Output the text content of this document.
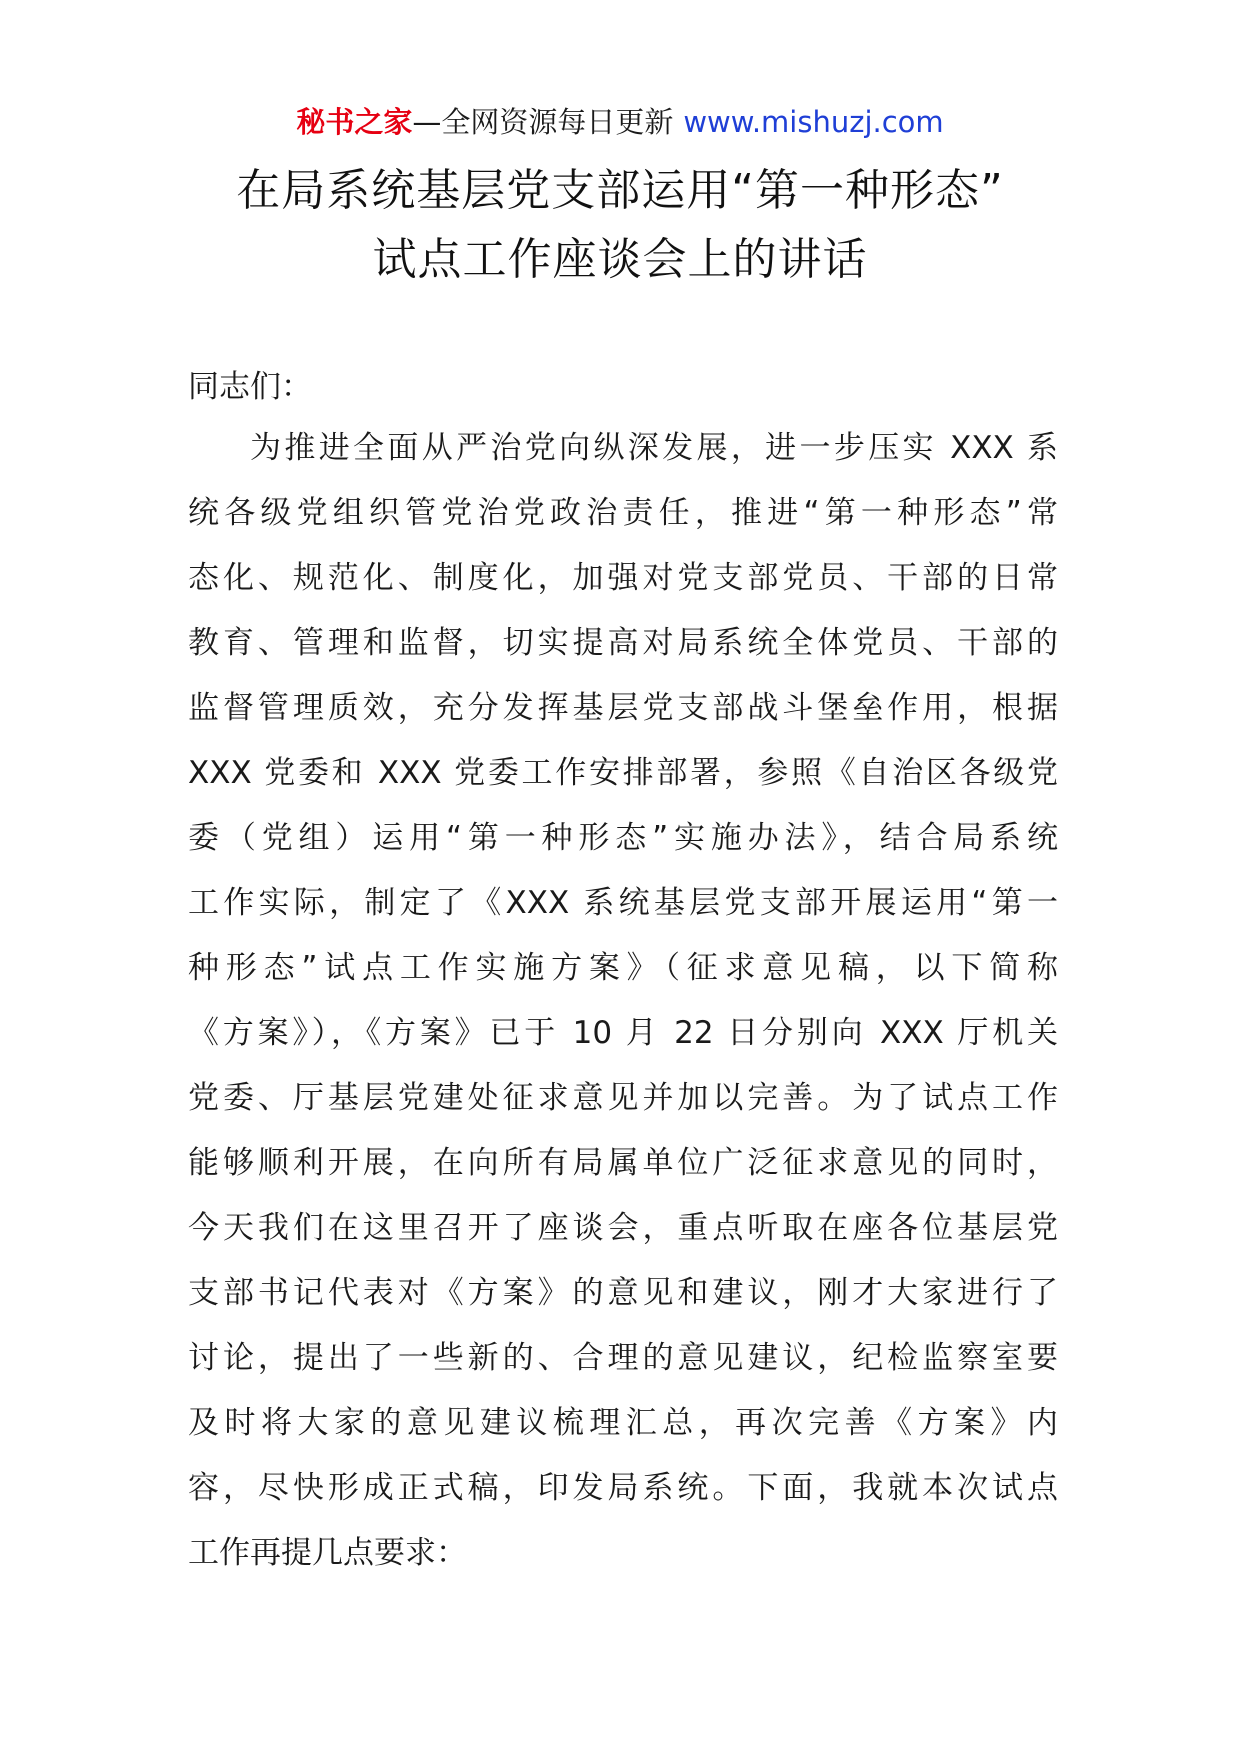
秘书之家—全网资源每日更新 www.mishuzj.com
在局系统基层党支部运用“第一种形态”
试点工作座谈会上的讲话
同志们：
为推进全面从严治党向纵深发展，进一步压实 XXX 系
统各级党组织管党治党政治责任，推进“第一种形态”常
态化、规范化、制度化，加强对党支部党员、干部的日常
教育、管理和监督，切实提高对局系统全体党员、干部的
监督管理质效，充分发挥基层党支部战斗堡垒作用，根据
XXX 党委和 XXX 党委工作安排部署，参照《自治区各级党
委（党组）运用“第一种形态”实施办法》，结合局系统
工作实际，制定了《XXX 系统基层党支部开展运用“第一
种形态”试点工作实施方案》（征求意见稿，以下简称
《方案》），《方案》已于 10 月 22 日分别向 XXX 厅机关
党委、厅基层党建处征求意见并加以完善。为了试点工作
能够顺利开展，在向所有局属单位广泛征求意见的同时，
今天我们在这里召开了座谈会，重点听取在座各位基层党
支部书记代表对《方案》的意见和建议，刚才大家进行了
讨论，提出了一些新的、合理的意见建议，纪检监察室要
及时将大家的意见建议梳理汇总，再次完善《方案》内
容，尽快形成正式稿，印发局系统。下面，我就本次试点
工作再提几点要求：
